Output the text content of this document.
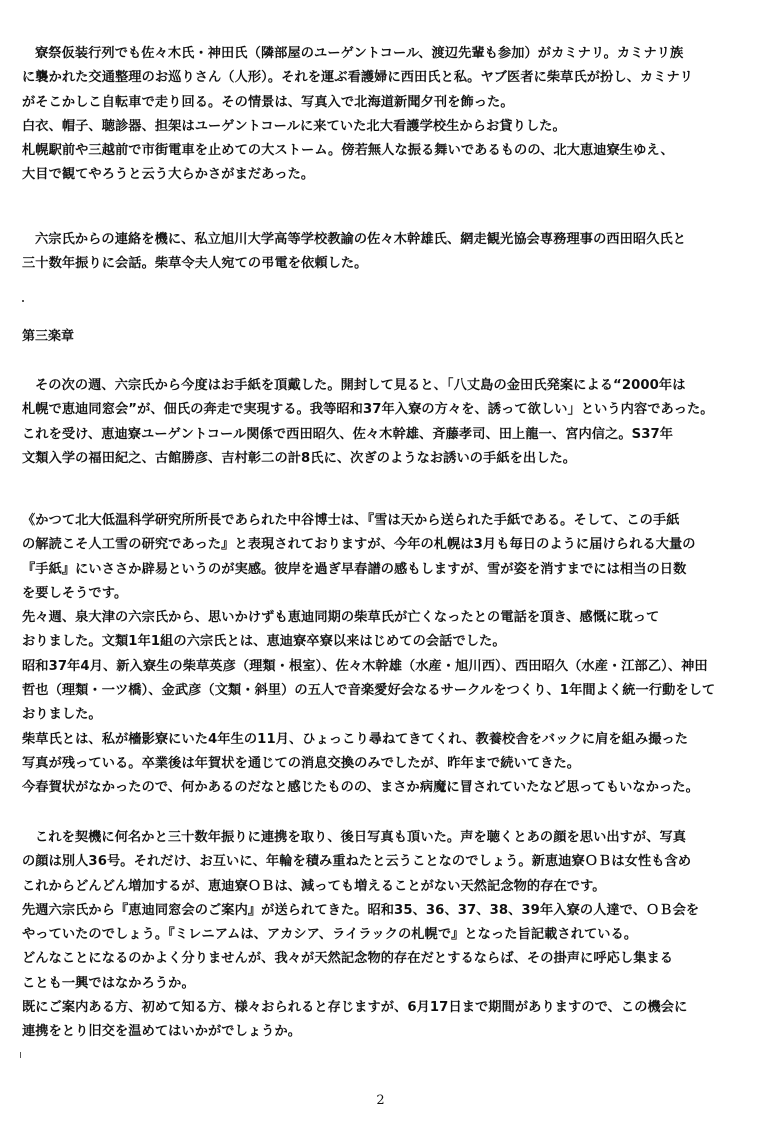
寮祭仮装行列でも佐々木氏・神田氏（隣部屋のユーゲントコール、渡辺先輩も参加）がカミナリ。カミナリ族
に襲かれた交通整理のお巡りさん（人形）。それを運ぶ看護婦に西田氏と私。ヤブ医者に柴草氏が扮し、カミナリ
がそこかしこ自転車で走り回る。その情景は、写真入で北海道新聞夕刊を飾った。
白衣、帽子、聴診器、担架はユーゲントコールに来ていた北大看護学校生からお貸りした。
札幌駅前や三越前で市街電車を止めての大ストーム。傍若無人な振る舞いであるものの、北大恵迪寮生ゆえ、
大目で観てやろうと云う大らかさがまだあった。
六宗氏からの連絡を機に、私立旭川大学高等学校教諭の佐々木幹雄氏、網走観光協会専務理事の西田昭久氏と
三十数年振りに会話。柴草令夫人宛ての弔電を依頼した。
第三楽章
その次の週、六宗氏から今度はお手紙を頂戴した。開封して見ると、「八丈島の金田氏発案による“2000年は
札幌で恵迪同窓会”が、佃氏の奔走で実現する。我等昭和37年入寮の方々を、誘って欲しい」という内容であった。
これを受け、恵迪寮ユーゲントコール関係で西田昭久、佐々木幹雄、斉藤孝司、田上龍一、宮内信之。S37年
文類入学の福田紀之、古館勝彦、吉村彰二の計8氏に、次ぎのようなお誘いの手紙を出した。
《かつて北大低温科学研究所所長であられた中谷博士は、『雪は天から送られた手紙である。そして、この手紙
の解読こそ人工雪の研究であった』と表現されておりますが、今年の札幌は3月も毎日のように届けられる大量の
『手紙』にいささか辟易というのが実感。彼岸を過ぎ早春譜の感もしますが、雪が姿を消すまでには相当の日数
を要しそうです。
先々週、泉大津の六宗氏から、思いかけずも恵迪同期の柴草氏が亡くなったとの電話を頂き、感慨に耽って
おりました。文類1年1組の六宗氏とは、恵迪寮卒寮以来はじめての会話でした。
昭和37年4月、新入寮生の柴草英彦（理類・根室）、佐々木幹雄（水産・旭川西）、西田昭久（水産・江部乙）、神田
哲也（理類・一ツ橋）、金武彦（文類・斜里）の五人で音楽愛好会なるサークルをつくり、1年間よく統一行動をして
おりました。
柴草氏とは、私が檣影寮にいた4年生の11月、ひょっこり尋ねてきてくれ、教養校舎をバックに肩を組み撮った
写真が残っている。卒業後は年賀状を通じての消息交換のみでしたが、昨年まで続いてきた。
今春賀状がなかったので、何かあるのだなと感じたものの、まさか病魔に冒されていたなど思ってもいなかった。
これを契機に何名かと三十数年振りに連携を取り、後日写真も頂いた。声を聴くとあの顔を思い出すが、写真
の顔は別人36号。それだけ、お互いに、年輪を積み重ねたと云うことなのでしょう。新恵迪寮ＯＢは女性も含め
これからどんどん増加するが、恵迪寮ＯＢは、減っても増えることがない天然記念物的存在です。
先週六宗氏から『恵迪同窓会のご案内』が送られてきた。昭和35、36、37、38、39年入寮の人達で、ＯＢ会を
やっていたのでしょう。『ミレニアムは、アカシア、ライラックの札幌で』となった旨記載されている。
どんなことになるのかよく分りませんが、我々が天然記念物的存在だとするならば、その掛声に呼応し集まる
ことも一興ではなかろうか。
既にご案内ある方、初めて知る方、様々おられると存じますが、6月17日まで期間がありますので、この機会に
連携をとり旧交を温めてはいかがでしょうか。
2
